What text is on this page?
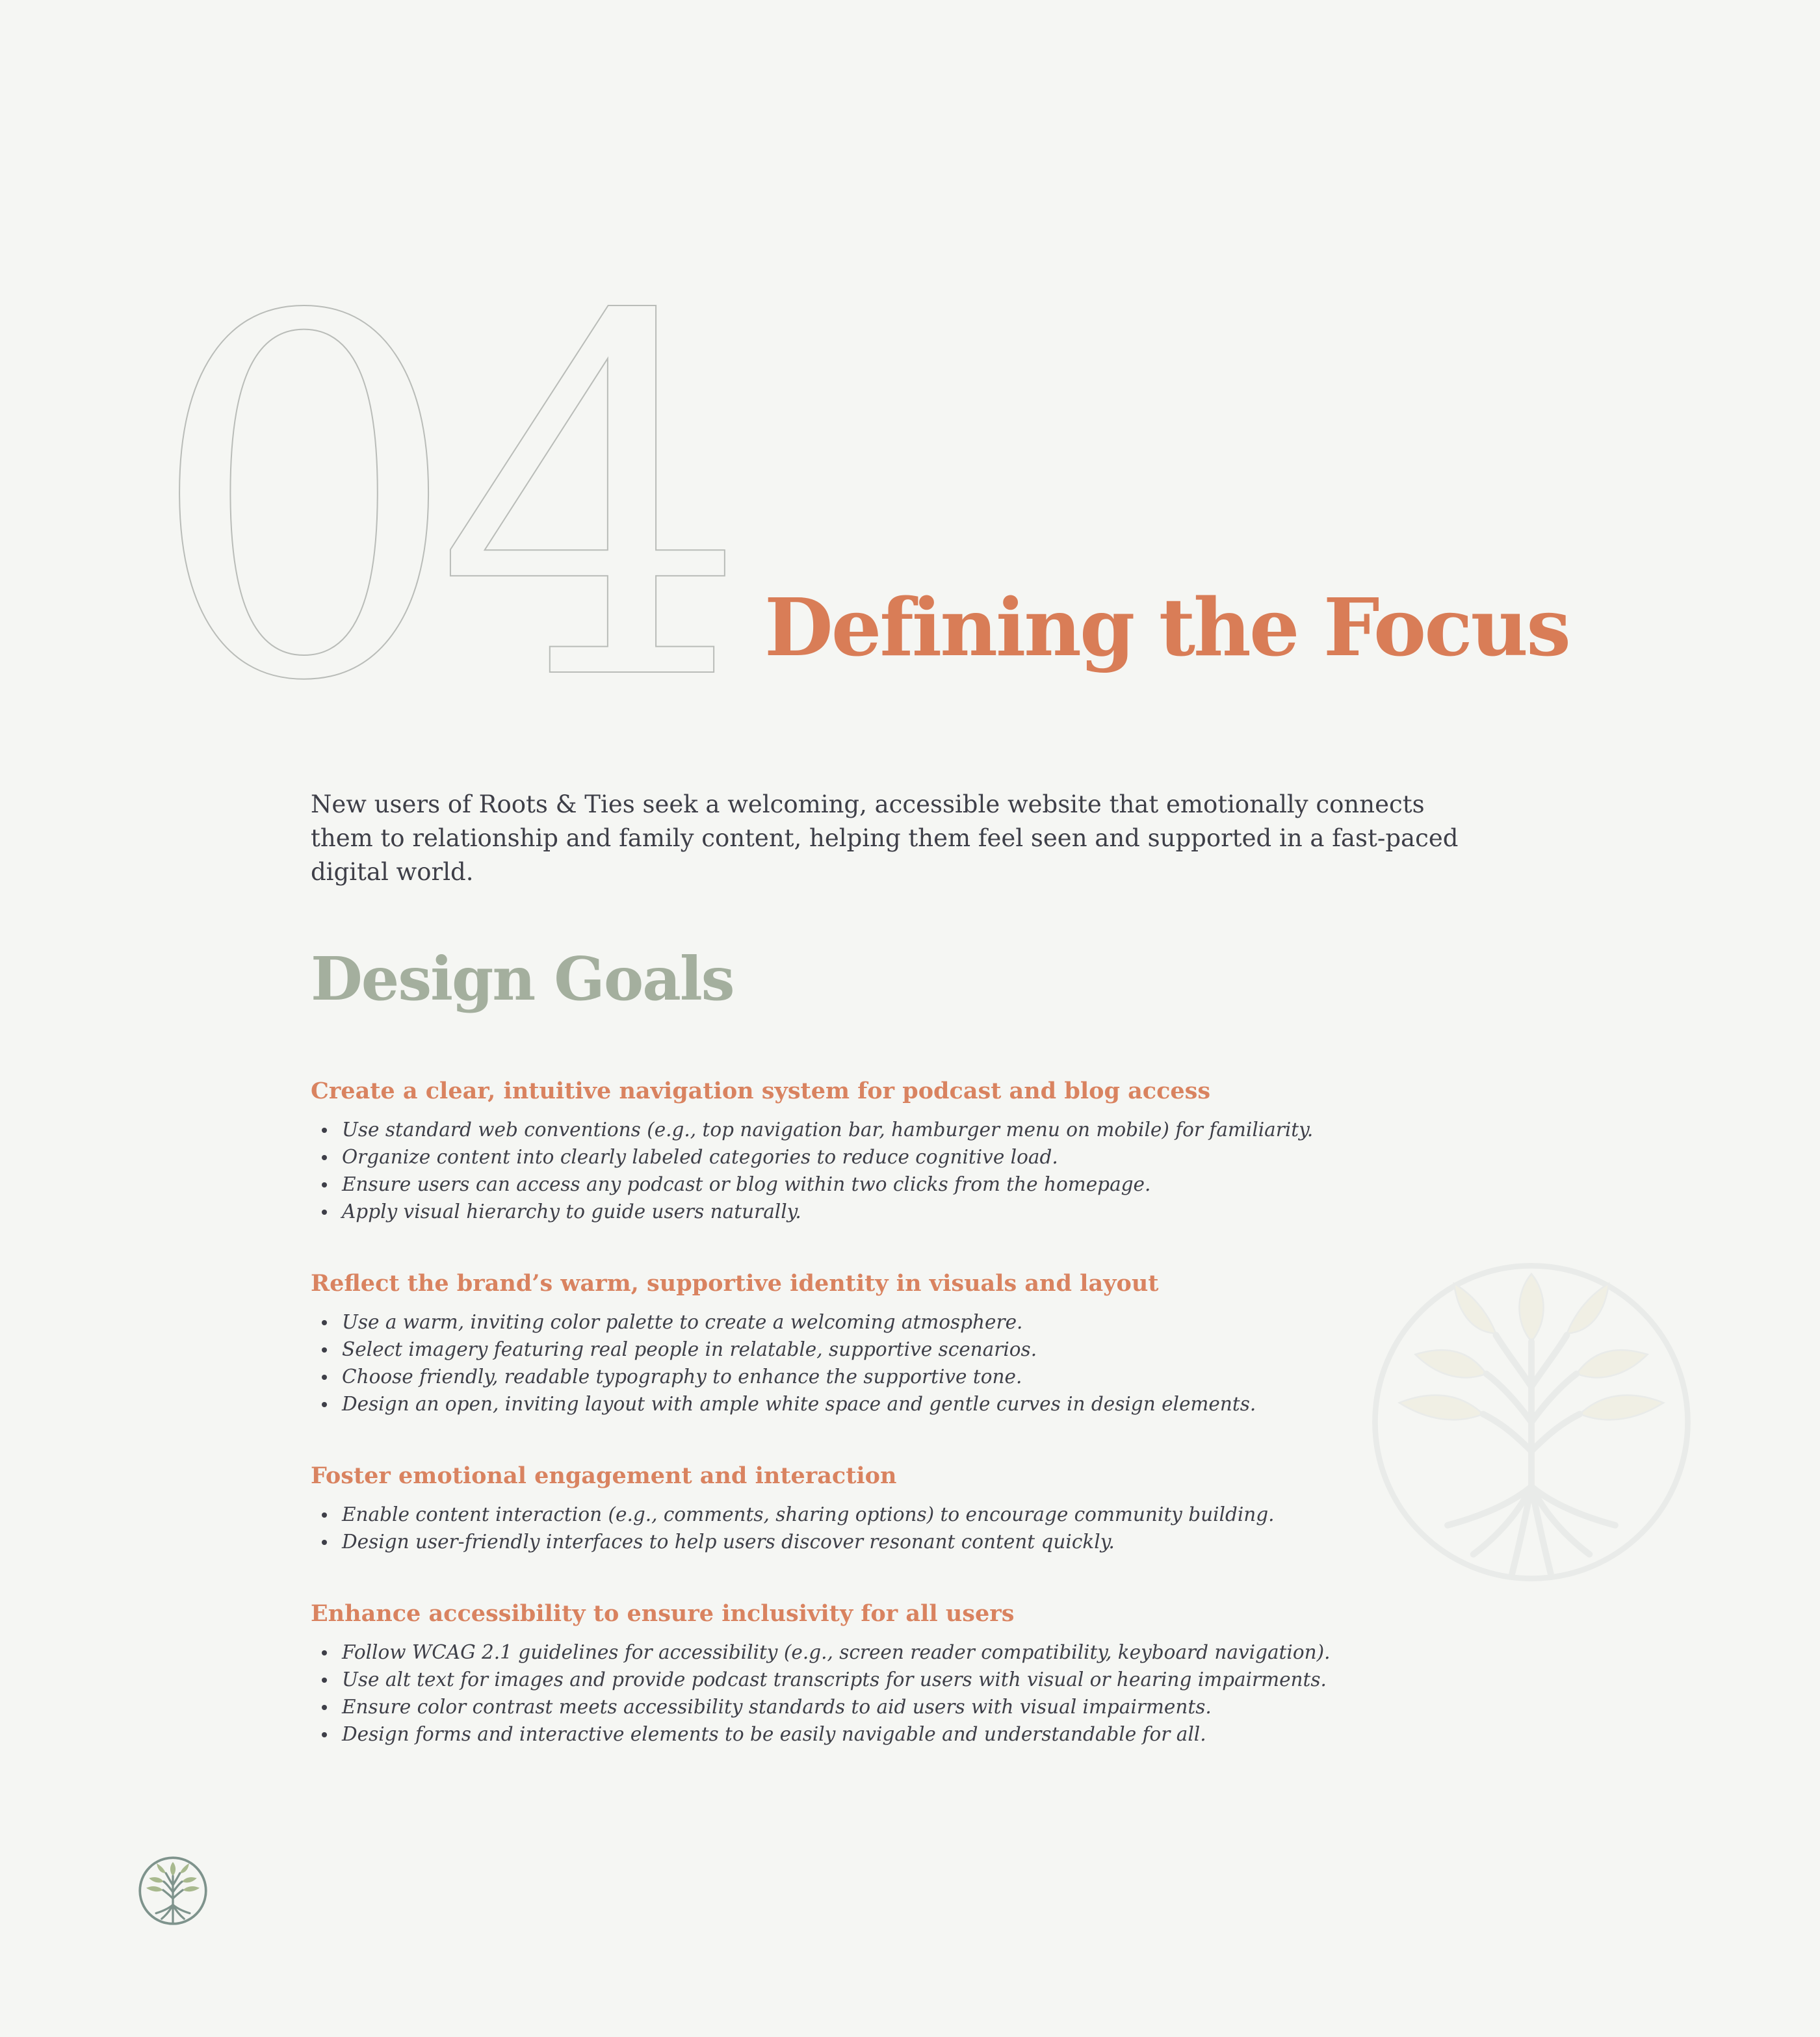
04 Defining the Focus

New users of Roots & Ties seek a welcoming, accessible website that emotionally connects them to relationship and family content, helping them feel seen and supported in a fast-paced digital world.

Design Goals
Create a clear, intuitive navigation system for podcast and blog access
Use standard web conventions (e.g., top navigation bar, hamburger menu on mobile) for familiarity.
Organize content into clearly labeled categories to reduce cognitive load.
Ensure users can access any podcast or blog within two clicks from the homepage.
Apply visual hierarchy to guide users naturally.
Reflect the brand’s warm, supportive identity in visuals and layout
Use a warm, inviting color palette to create a welcoming atmosphere.
Select imagery featuring real people in relatable, supportive scenarios.
Choose friendly, readable typography to enhance the supportive tone.
Design an open, inviting layout with ample white space and gentle curves in design elements.
Foster emotional engagement and interaction
Enable content interaction (e.g., comments, sharing options) to encourage community building.
Design user-friendly interfaces to help users discover resonant content quickly.
Enhance accessibility to ensure inclusivity for all users
Follow WCAG 2.1 guidelines for accessibility (e.g., screen reader compatibility, keyboard navigation).
Use alt text for images and provide podcast transcripts for users with visual or hearing impairments.
Ensure color contrast meets accessibility standards to aid users with visual impairments.
Design forms and interactive elements to be easily navigable and understandable for all.
